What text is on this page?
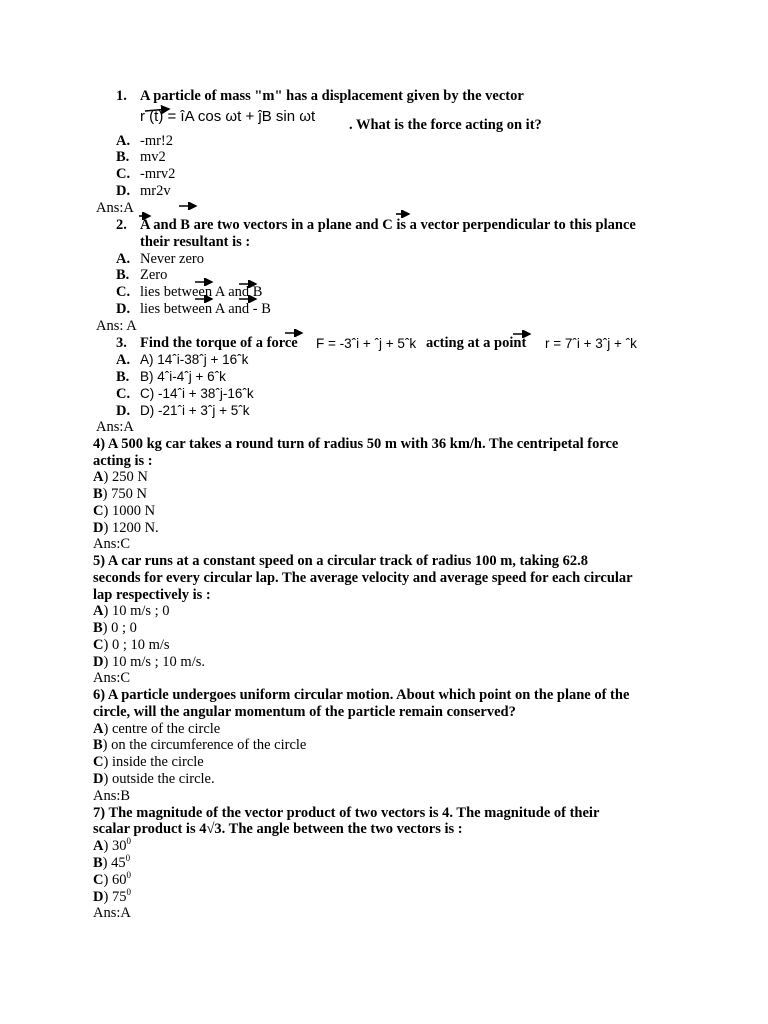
1. A particle of mass "m" has a displacement given by the vector
r (t) = îA cos ωt + ĵB sin ωt . What is the force acting on it?
A. -mr!2
B. mv2
C. -mrv2
D. mr2v
Ans:A
2. A and B are two vectors in a plane and C is a vector perpendicular to this plance
their resultant is :
A. Never zero
B. Zero
C. lies between A and B
D. lies between A and - B
Ans: A
3. Find the torque of a force F = -3ˆi + ˆj + 5ˆk acting at a point r = 7ˆi + 3ˆj + ˆk
A. A) 14ˆi-38ˆj + 16ˆk
B. B) 4ˆi-4ˆj + 6ˆk
C. C) -14ˆi + 38ˆj-16ˆk
D. D) -21ˆi + 3ˆj + 5ˆk
Ans:A
4) A 500 kg car takes a round turn of radius 50 m with 36 km/h. The centripetal force
acting is :
A) 250 N
B) 750 N
C) 1000 N
D) 1200 N.
Ans:C
5) A car runs at a constant speed on a circular track of radius 100 m, taking 62.8
seconds for every circular lap. The average velocity and average speed for each circular
lap respectively is :
A) 10 m/s ; 0
B) 0 ; 0
C) 0 ; 10 m/s
D) 10 m/s ; 10 m/s.
Ans:C
6) A particle undergoes uniform circular motion. About which point on the plane of the
circle, will the angular momentum of the particle remain conserved?
A) centre of the circle
B) on the circumference of the circle
C) inside the circle
D) outside the circle.
Ans:B
7) The magnitude of the vector product of two vectors is 4. The magnitude of their
scalar product is 4√3. The angle between the two vectors is :
A) $30^0$
B) $45^0$
C) $60^0$
D) $75^0$
Ans:A
